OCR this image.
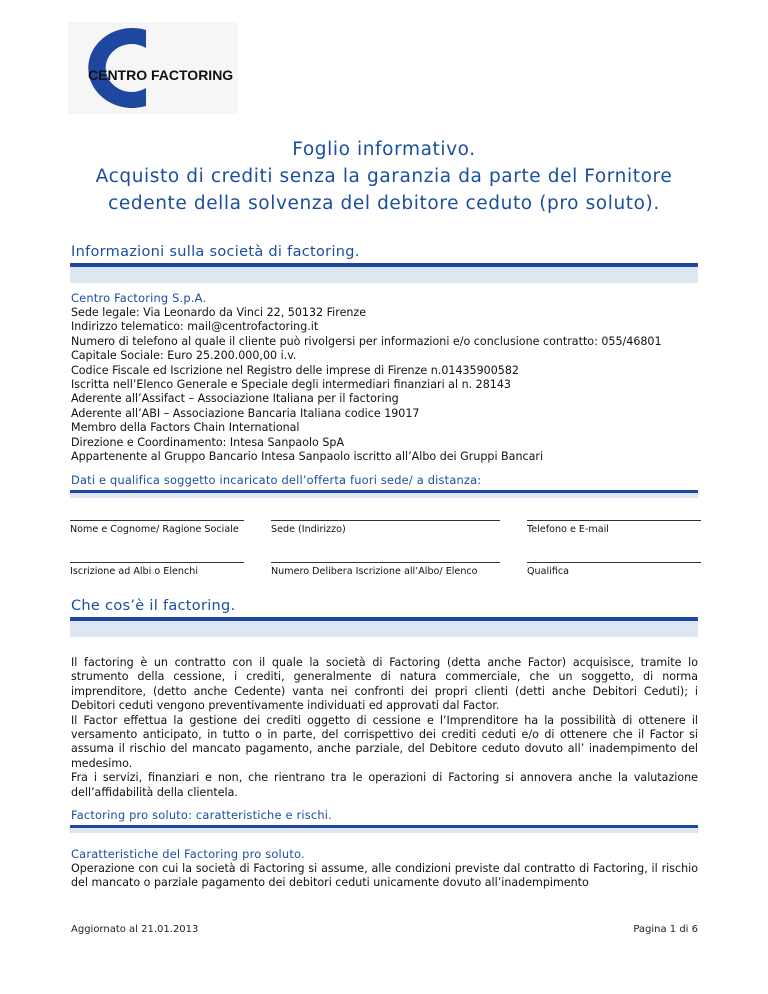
CENTRO FACTORING
Foglio informativo.
Acquisto di crediti senza la garanzia da parte del Fornitore
cedente della solvenza del debitore ceduto (pro soluto).
Informazioni sulla società di factoring.
Centro Factoring S.p.A.
Sede legale: Via Leonardo da Vinci 22, 50132 Firenze
Indirizzo telematico: mail@centrofactoring.it
Numero di telefono al quale il cliente può rivolgersi per informazioni e/o conclusione contratto: 055/46801
Capitale Sociale: Euro 25.200.000,00 i.v.
Codice Fiscale ed Iscrizione nel Registro delle imprese di Firenze n.01435900582
Iscritta nell’Elenco Generale e Speciale degli intermediari finanziari al n. 28143
Aderente all’Assifact – Associazione Italiana per il factoring
Aderente all’ABI – Associazione Bancaria Italiana codice 19017
Membro della Factors Chain International
Direzione e Coordinamento: Intesa Sanpaolo SpA
Appartenente al Gruppo Bancario Intesa Sanpaolo iscritto all’Albo dei Gruppi Bancari
Dati e qualifica soggetto incaricato dell’offerta fuori sede/ a distanza:
Nome e Cognome/ Ragione Sociale	Sede (Indirizzo)	Telefono e E-mail
Iscrizione ad Albi o Elenchi	Numero Delibera Iscrizione all’Albo/ Elenco	Qualifica
Che cos’è il factoring.

Il factoring è un contratto con il quale la società di Factoring (detta anche Factor) acquisisce, tramite lo strumento della cessione, i crediti, generalmente di natura commerciale, che un soggetto, di norma imprenditore, (detto anche Cedente) vanta nei confronti dei propri clienti (detti anche Debitori Ceduti); i Debitori ceduti vengono preventivamente individuati ed approvati dal Factor.

Il Factor effettua la gestione dei crediti oggetto di cessione e l’Imprenditore ha la possibilità di ottenere il versamento anticipato, in tutto o in parte, del corrispettivo dei crediti ceduti e/o di ottenere che il Factor si assuma il rischio del mancato pagamento, anche parziale, del Debitore ceduto dovuto all’ inadempimento del medesimo.

Fra i servizi, finanziari e non, che rientrano tra le operazioni di Factoring si annovera anche la valutazione dell’affidabilità della clientela.

Factoring pro soluto: caratteristiche e rischi.
Caratteristiche del Factoring pro soluto.
Operazione con cui la società di Factoring si assume, alle condizioni previste dal contratto di Factoring, il rischio del mancato o parziale pagamento dei debitori ceduti unicamente dovuto all’inadempimento
Aggiornato al 21.01.2013	Pagina 1 di 6
